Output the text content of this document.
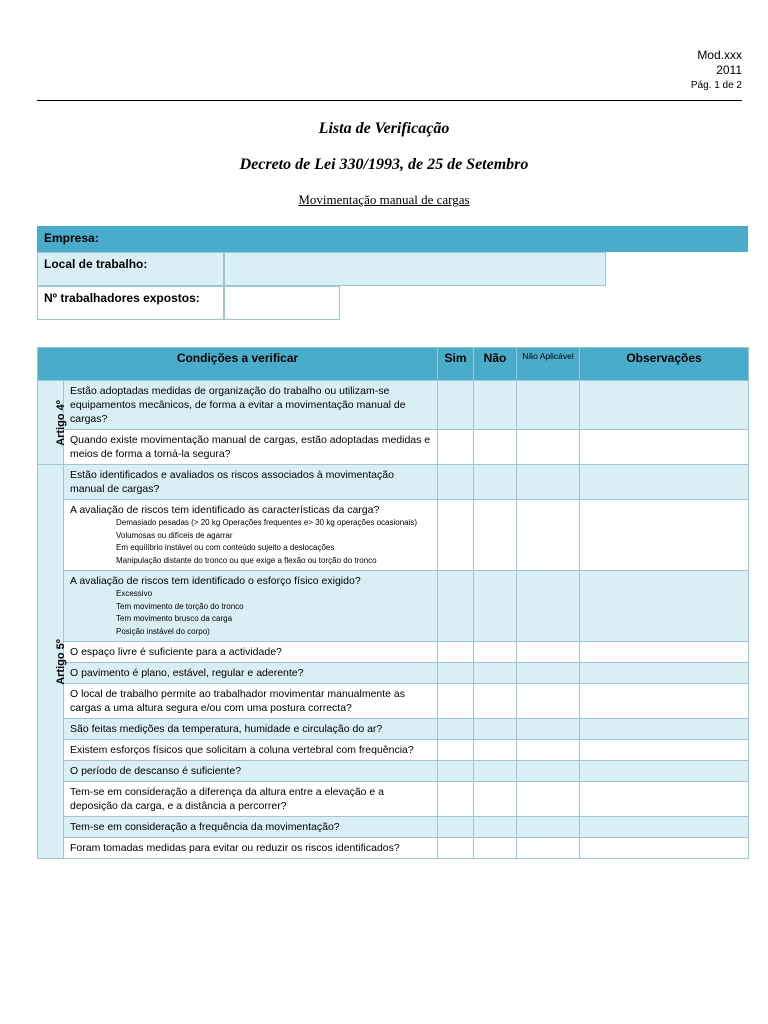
Mod.xxx
2011
Pág. 1 de 2
Lista de Verificação
Decreto de Lei 330/1993, de 25 de Setembro
Movimentação manual de cargas
Empresa:
Local de trabalho:
Nº trabalhadores expostos:
Condições a verificar		Sim	Não	Não Aplicável	Observações
Artigo 4º	Estão adoptadas medidas de organização do trabalho ou utilizam-se equipamentos mecânicos, de forma a evitar a movimentação manual de cargas?				

	Quando existe movimentação manual de cargas, estão adoptadas medidas e meios de forma a torná-la segura?				

Artigo 5º	Estão identificados e avaliados os riscos associados à movimentação manual de cargas?				

	A avaliação de riscos tem identificado as características da carga?
Demasiado pesadas (> 20 kg Operações frequentes e> 30 kg operações ocasionais)
Volumosas ou difíceis de agarrar
Em equilíbrio instável ou com conteúdo sujeito a deslocações
Manipulação distante do tronco ou que exige a flexão ou torção do tronco				

	A avaliação de riscos tem identificado o esforço físico exigido?
Excessivo
Tem movimento de torção do tronco
Tem movimento brusco da carga
Posição instável do corpo)				

	O espaço livre é suficiente para a actividade?				

	O pavimento é plano, estável, regular e aderente?				

	O local de trabalho permite ao trabalhador movimentar manualmente as cargas a uma altura segura e/ou com uma postura correcta?				

	São feitas medições da temperatura, humidade e circulação do ar?				

	Existem esforços físicos que solicitam a coluna vertebral com frequência?				

	O período de descanso é suficiente?				

	Tem-se em consideração a diferença da altura entre a elevação e a deposição da carga, e a distância a percorrer?				

	Tem-se em consideração a frequência da movimentação?				

	Foram tomadas medidas para evitar ou reduzir os riscos identificados?				
